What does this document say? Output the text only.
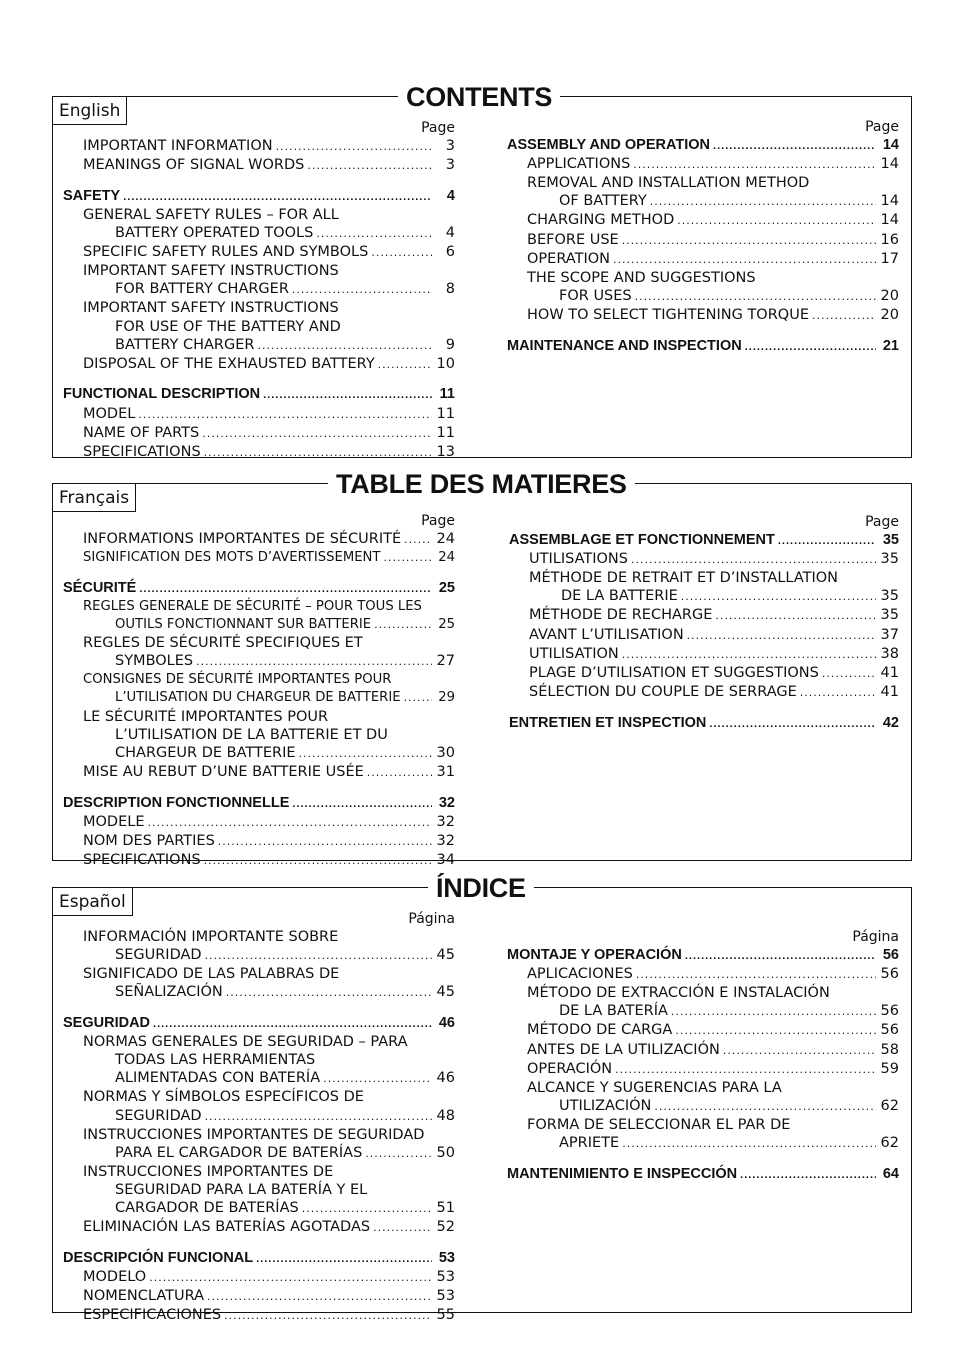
English
Page
IMPORTANT INFORMATION .....	3
MEANINGS OF SIGNAL WORDS .....	3
SAFETY .....	4
GENERAL SAFETY RULES – FOR ALL
BATTERY OPERATED TOOLS .....	4
SPECIFIC SAFETY RULES AND SYMBOLS .....	6
IMPORTANT SAFETY INSTRUCTIONS
FOR BATTERY CHARGER .....	8
IMPORTANT SAFETY INSTRUCTIONS
FOR USE OF THE BATTERY AND
BATTERY CHARGER .....	9
DISPOSAL OF THE EXHAUSTED BATTERY .....	10
FUNCTIONAL DESCRIPTION .....	11
MODEL .....	11
NAME OF PARTS .....	11
SPECIFICATIONS .....	13
Page
ASSEMBLY AND OPERATION .....	14
APPLICATIONS .....	14
REMOVAL AND INSTALLATION METHOD
OF BATTERY .....	14
CHARGING METHOD .....	14
BEFORE USE .....	16
OPERATION .....	17
THE SCOPE AND SUGGESTIONS
FOR USES .....	20
HOW TO SELECT TIGHTENING TORQUE .....	20
MAINTENANCE AND INSPECTION .....	21
CONTENTS
Français
Page
INFORMATIONS IMPORTANTES DE SÉCURITÉ ..... 24
SIGNIFICATION DES MOTS D’AVERTISSEMENT .....	24
SÉCURITÉ .....	25
REGLES GENERALE DE SÉCURITÉ – POUR TOUS LES
OUTILS FONCTIONNANT SUR BATTERIE .....	25
REGLES DE SÉCURITÉ SPECIFIQUES ET
SYMBOLES .....	27
CONSIGNES DE SÉCURITÉ IMPORTANTES POUR
L’UTILISATION DU CHARGEUR DE BATTERIE .....	29
LE SÉCURITÉ IMPORTANTES POUR
L’UTILISATION DE LA BATTERIE ET DU
CHARGEUR DE BATTERIE .....	30
MISE AU REBUT D’UNE BATTERIE USÉE .....	31
DESCRIPTION FONCTIONNELLE .....	32
MODELE .....	32
NOM DES PARTIES .....	32
SPECIFICATIONS .....	34
Page
ASSEMBLAGE ET FONCTIONNEMENT .....	35
UTILISATIONS .....	35
MÉTHODE DE RETRAIT ET D’INSTALLATION
DE LA BATTERIE .....	35
MÉTHODE DE RECHARGE .....	35
AVANT L’UTILISATION .....	37
UTILISATION .....	38
PLAGE D’UTILISATION ET SUGGESTIONS .....	41
SÉLECTION DU COUPLE DE SERRAGE .....	41
ENTRETIEN ET INSPECTION .....	42
TABLE DES MATIERES
Español
Página
INFORMACIÓN IMPORTANTE SOBRE
SEGURIDAD .....	45
SIGNIFICADO DE LAS PALABRAS DE
SEÑALIZACIÓN .....	45
SEGURIDAD .....	46
NORMAS GENERALES DE SEGURIDAD – PARA
TODAS LAS HERRAMIENTAS
ALIMENTADAS CON BATERÍA .....	46
NORMAS Y SÍMBOLOS ESPECÍFICOS DE
SEGURIDAD .....	48
INSTRUCCIONES IMPORTANTES DE SEGURIDAD
PARA EL CARGADOR DE BATERÍAS .....	50
INSTRUCCIONES IMPORTANTES DE
SEGURIDAD PARA LA BATERÍA Y EL
CARGADOR DE BATERÍAS .....	51
ELIMINACIÓN LAS BATERÍAS AGOTADAS .....	52
DESCRIPCIÓN FUNCIONAL .....	53
MODELO .....	53
NOMENCLATURA .....	53
ESPECIFICACIONES .....	55
Página
MONTAJE Y OPERACIÓN .....	56
APLICACIONES .....	56
MÉTODO DE EXTRACCIÓN E INSTALACIÓN
DE LA BATERÍA .....	56
MÉTODO DE CARGA .....	56
ANTES DE LA UTILIZACIÓN .....	58
OPERACIÓN .....	59
ALCANCE Y SUGERENCIAS PARA LA
UTILIZACIÓN .....	62
FORMA DE SELECCIONAR EL PAR DE
APRIETE .....	62
MANTENIMIENTO E INSPECCIÓN .....	64
ÍNDICE
